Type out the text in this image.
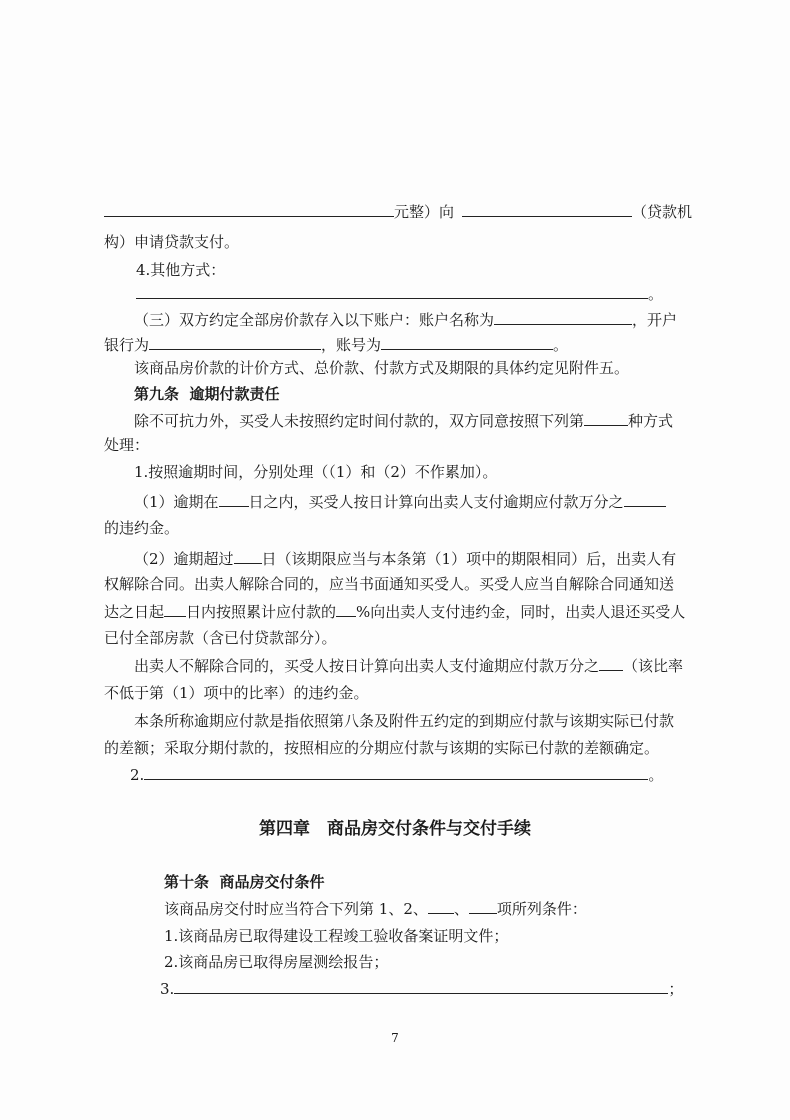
元整）向	（贷款机
构）申请贷款支付。
4.其他方式：
。
（三）双方约定全部房价款存入以下账户：账户名称为	，开户
银行为	，账号为	。
该商品房价款的计价方式、总价款、付款方式及期限的具体约定见附件五。
第九条 逾期付款责任
除不可抗力外，买受人未按照约定时间付款的，双方同意按照下列第	种方式
处理：
1.按照逾期时间，分别处理（（1）和（2）不作累加）。
（1）逾期在 日之内，买受人按日计算向出卖人支付逾期应付款万分之
的违约金。
（2）逾期超过 日（该期限应当与本条第（1）项中的期限相同）后，出卖人有
权解除合同。出卖人解除合同的，应当书面通知买受人。买受人应当自解除合同通知送
达之日起 日内按照累计应付款的 %向出卖人支付违约金，同时，出卖人退还买受人
已付全部房款（含已付贷款部分）。
出卖人不解除合同的，买受人按日计算向出卖人支付逾期应付款万分之 （该比率
不低于第（1）项中的比率）的违约金。
本条所称逾期应付款是指依照第八条及附件五约定的到期应付款与该期实际已付款
的差额；采取分期付款的，按照相应的分期应付款与该期的实际已付款的差额确定。
2.	。
第四章　商品房交付条件与交付手续
第十条 商品房交付条件
该商品房交付时应当符合下列第 1、2、 、 项所列条件：
1.该商品房已取得建设工程竣工验收备案证明文件；
2.该商品房已取得房屋测绘报告；
3.	；
7
